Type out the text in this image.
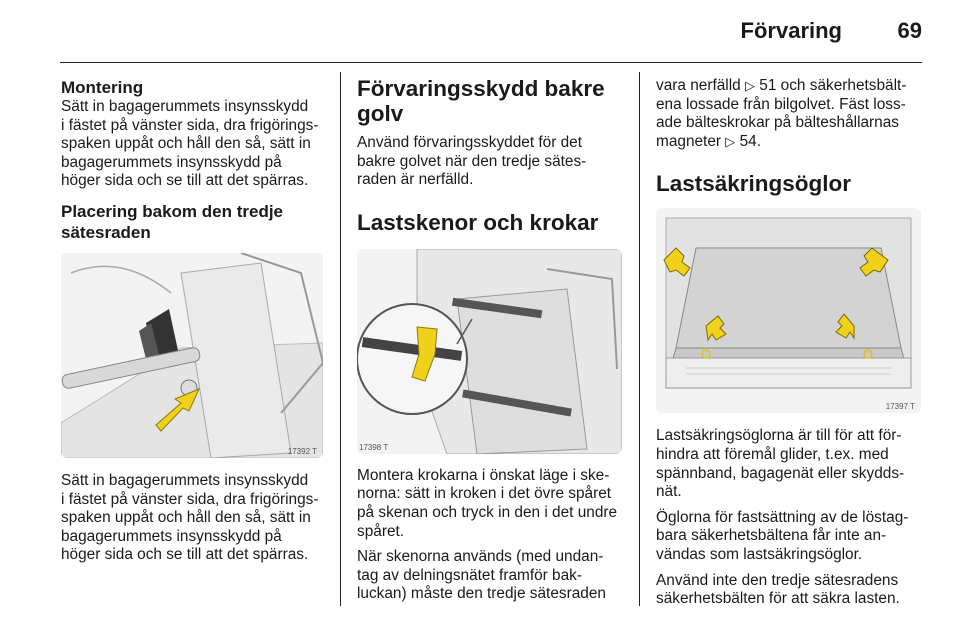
Förvaring	69
Montering

Sätt in bagagerummets insynsskydd
i fästet på vänster sida, dra frigörings-
spaken uppåt och håll den så, sätt in
bagagerummets insynsskydd på
höger sida och se till att det spärras.

Placering bakom den tredje
sätesraden
17392 T

Sätt in bagagerummets insynsskydd
i fästet på vänster sida, dra frigörings-
spaken uppåt och håll den så, sätt in
bagagerummets insynsskydd på
höger sida och se till att det spärras.

Förvaringsskydd bakre
golv

Använd förvaringsskyddet för det
bakre golvet när den tredje sätes-
raden är nerfälld.

Lastskenor och krokar
17398 T

Montera krokarna i önskat läge i ske-
norna: sätt in kroken i det övre spåret
på skenan och tryck in den i det undre
spåret.

När skenorna används (med undan-
tag av delningsnätet framför bak-
luckan) måste den tredje sätesraden

vara nerfälld ▷ 51 och säkerhetsbält-
ena lossade från bilgolvet. Fäst loss-
ade bälteskrokar på bälteshållarnas
magneter ▷ 54.

Lastsäkringsöglor
17397 T

Lastsäkringsöglorna är till för att för-
hindra att föremål glider, t.ex. med
spännband, bagagenät eller skydds-
nät.

Öglorna för fastsättning av de löstag-
bara säkerhetsbältena får inte an-
vändas som lastsäkringsöglor.

Använd inte den tredje sätesradens
säkerhetsbälten för att säkra lasten.
